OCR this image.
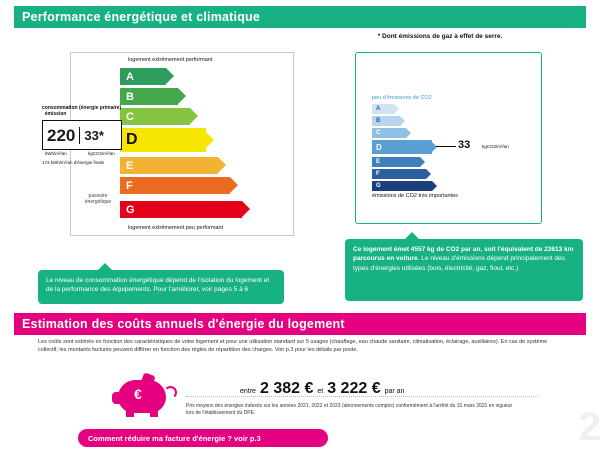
Performance énergétique et climatique
* Dont émissions de gaz à effet de serre.
logement extrêmement performant
logement extrêmement peu performant
passoire énergétique
A
B
C
D
E
F
G
consommation (énergie primaire)   émission
220 33*
kWh/m²/an	kgCO2/m²/an
173 kWh/m²/an d'énergie finale
peu d'émissions de CO2
A
B
C
D
E
F
G
33	kgCO2/m²/an
émissions de CO2 très importantes
Le niveau de consommation énergétique dépend de l'isolation du logement et de la performance des équipements. Pour l'améliorer, voir pages 5 à 6
Ce logement émet 4557 kg de CO2 par an, soit l'équivalent de 23613 km parcourus en voiture. Le niveau d'émissions dépend principalement des types d'énergies utilisées (bois, électricité, gaz, fioul, etc.)
Estimation des coûts annuels d'énergie du logement
Les coûts sont estimés en fonction des caractéristiques de votre logement et pour une utilisation standard sur 5 usages (chauffage, eau chaude sanitaire, climatisation, éclairage, auxiliaires). En cas de système collectif, les montants facturés peuvent différer en fonction des règles de répartition des charges. Voir p.3 pour les détails par poste.
€	entre 2 382 € et 3 222 € par an
Prix moyens des énergies indexés sur les années 2021, 2022 et 2023 (abonnements compris) conformément à l'arrêté du 31 mars 2021 en vigueur lors de l'établissement du DPE.
Comment réduire ma facture d'énergie ? voir p.3	2
